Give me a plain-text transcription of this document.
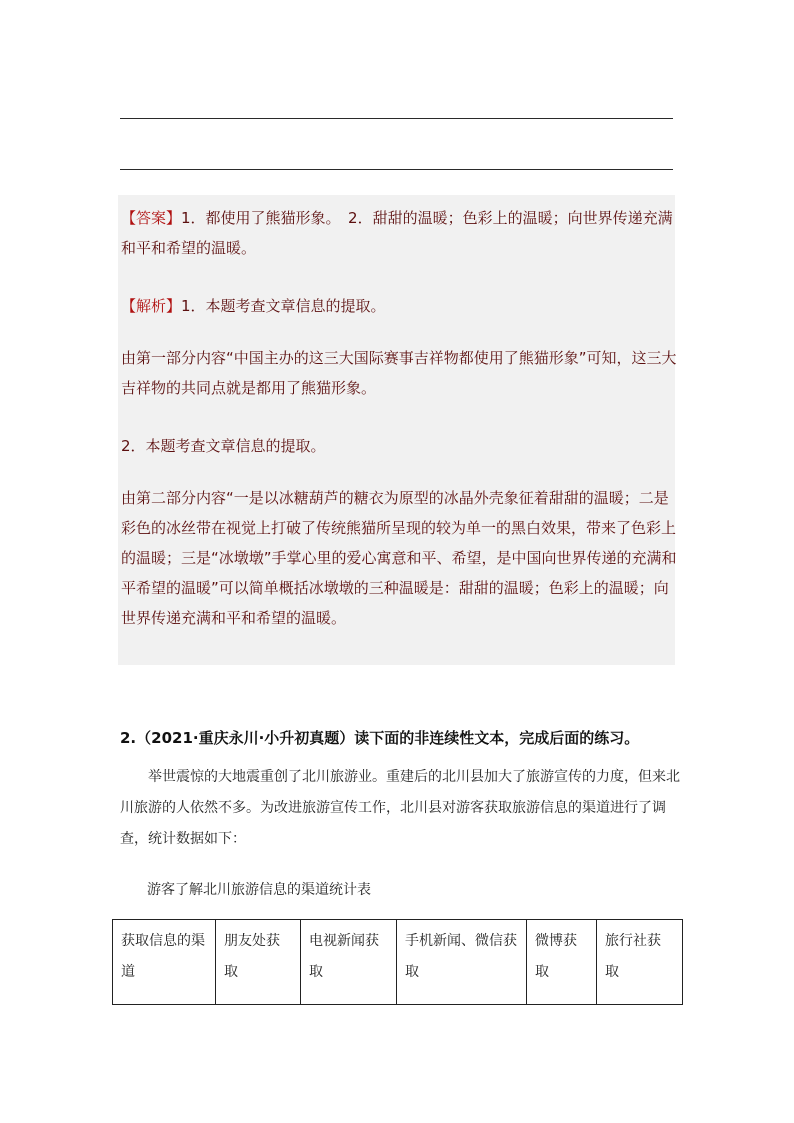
【答案】1．都使用了熊猫形象。　2．甜甜的温暖；色彩上的温暖；向世界传递充满和平和希望的温暖。

【解析】1．本题考查文章信息的提取。

由第一部分内容“中国主办的这三大国际赛事吉祥物都使用了熊猫形象”可知，这三大吉祥物的共同点就是都用了熊猫形象。

2．本题考查文章信息的提取。

由第二部分内容“一是以冰糖葫芦的糖衣为原型的冰晶外壳象征着甜甜的温暖；二是彩色的冰丝带在视觉上打破了传统熊猫所呈现的较为单一的黑白效果，带来了色彩上的温暖；三是“冰墩墩”手掌心里的爱心寓意和平、希望，是中国向世界传递的充满和平希望的温暖”可以简单概括冰墩墩的三种温暖是：甜甜的温暖；色彩上的温暖；向世界传递充满和平和希望的温暖。

2.（2021·重庆永川·小升初真题）读下面的非连续性文本，完成后面的练习。

举世震惊的大地震重创了北川旅游业。重建后的北川县加大了旅游宣传的力度，但来北川旅游的人依然不多。为改进旅游宣传工作，北川县对游客获取旅游信息的渠道进行了调查，统计数据如下：

游客了解北川旅游信息的渠道统计表

获取信息的渠道	朋友处获取	电视新闻获取	手机新闻、微信获取	微博获取	旅行社获取
